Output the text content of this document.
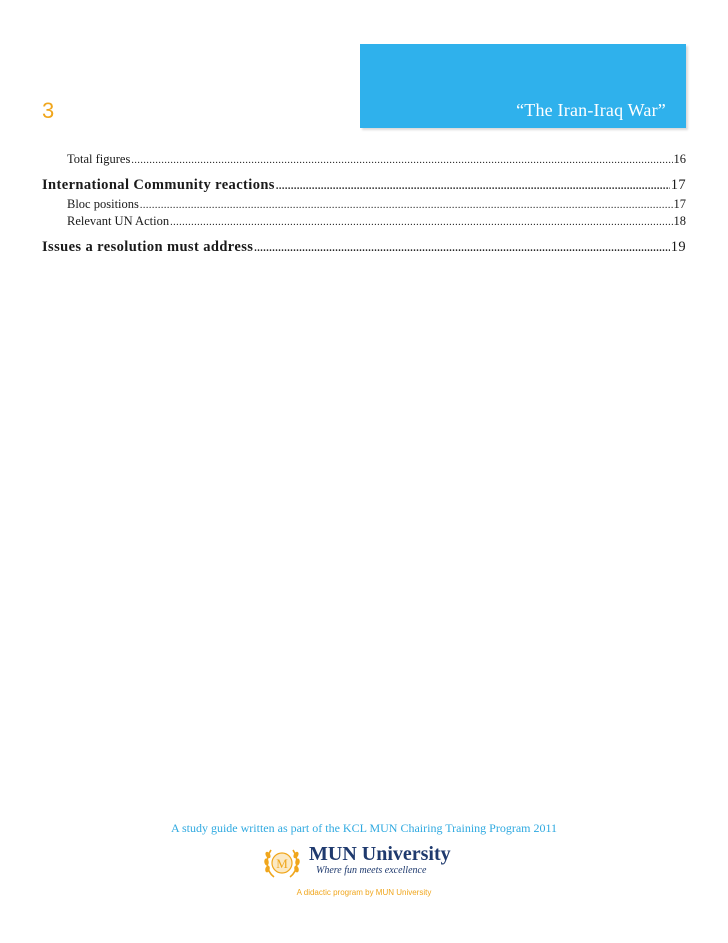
“The Iran-Iraq War”
3
Total figures .....	16
International Community reactions .....	17
Bloc positions .....	17
Relevant UN Action .....	18
Issues a resolution must address .....	19
A study guide written as part of the KCL MUN Chairing Training Program 2011
M MUN University
Where fun meets excellence
A didactic program by MUN University
